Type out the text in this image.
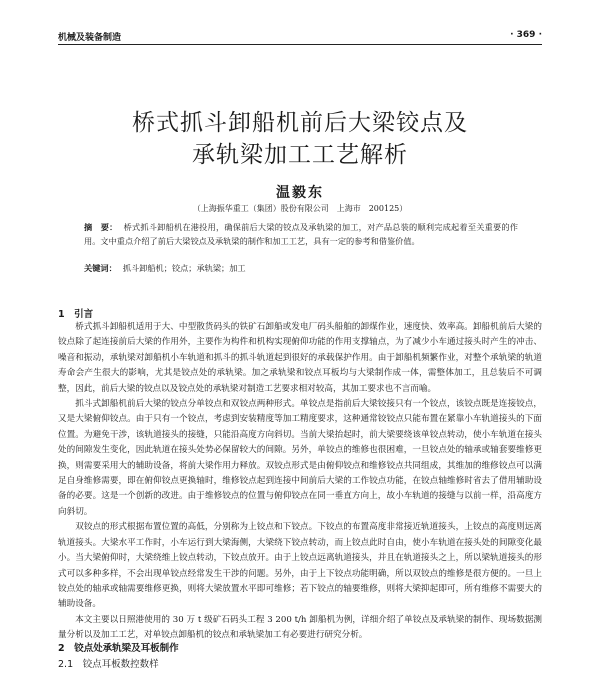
机械及装备制造	· 369 ·
桥式抓斗卸船机前后大梁铰点及
承轨梁加工工艺解析
温毅东
（上海振华重工（集团）股份有限公司　上海市　200125）
摘　要： 桥式抓斗卸船机在港投用，确保前后大梁的铰点及承轨梁的加工，对产品总装的顺利完成起着至关重要的作用。文中重点介绍了前后大梁铰点及承轨梁的制作和加工工艺，具有一定的参考和借鉴价值。
关键词： 抓斗卸船机；铰点；承轨梁；加工
1　引言

桥式抓斗卸船机适用于大、中型散货码头的铁矿石卸船或发电厂码头船舶的卸煤作业，速度快、效率高。卸船机前后大梁的铰点除了起连接前后大梁的作用外，主要作为构件和机构实现俯仰功能的作用支撑轴点，为了减少小车通过接头时产生的冲击、噪音和振动，承轨梁对卸船机小车轨道和抓斗的抓斗轨道起到很好的承载保护作用。由于卸船机频繁作业，对整个承轨梁的轨道寿命会产生很大的影响，尤其是铰点处的承轨梁。加之承轨梁和铰点耳板均与大梁制作成一体，需整体加工，且总装后不可调整，因此，前后大梁的铰点以及铰点处的承轨梁对制造工艺要求相对较高，其加工要求也不言而喻。

抓斗式卸船机前后大梁的铰点分单铰点和双铰点两种形式。单铰点是指前后大梁铰接只有一个铰点，该铰点既是连接铰点，又是大梁俯仰铰点。由于只有一个铰点，考虑到安装精度等加工精度要求，这种通常铰铰点只能布置在紧靠小车轨道接头的下面位置。为避免干涉，该轨道接头的接缝，只能沿高度方向斜切。当前大梁抬起时，前大梁要绕该单铰点转动，使小车轨道在接头处的间隙发生变化，因此轨道在接头处势必保留较大的间隙。另外，单铰点的维修也很困难，一旦铰点处的轴承或轴套要维修更换，则需要采用大的辅助设备，将前大梁作用力释放。双铰点形式是由俯仰铰点和维修铰点共同组成，其维加的维修铰点可以满足自身维修需要，即在俯仰铰点更换轴时，维修铰点起到连接中间前后大梁的工作铰点功能，在铰点轴维修时省去了借用辅助设备的必要。这是一个创新的改进。由于维修铰点的位置与俯仰铰点在同一垂直方向上，故小车轨道的接缝与以前一样，沿高度方向斜切。

双铰点的形式根据布置位置的高低，分别称为上铰点和下铰点。下铰点的布置高度非常接近轨道接头，上铰点的高度则远离轨道接头。大梁水平工作时，小车运行到大梁海侧，大梁绕下铰点转动，而上铰点此时自由，使小车轨道在接头处的间隙变化最小。当大梁俯仰时，大梁绕维上铰点转动，下铰点放开。由于上铰点远离轨道接头，并且在轨道接头之上，所以梁轨道接头的形式可以多种多样，不会出现单铰点经常发生干涉的问题。另外，由于上下铰点功能明确，所以双铰点的维修是很方便的。一旦上铰点处的轴承或轴需要维修更换，则将大梁放置水平即可维修；若下铰点的轴要维修，则将大梁抑起即可，所有维修不需要大的辅助设备。

本文主要以日照港使用的 30 万 t 级矿石码头工程 3 200 t/h 卸船机为例，详细介绍了单铰点及承轨梁的制作、现场数据测量分析以及加工工艺，对单铰点卸船机的铰点和承轨梁加工有必要进行研究分析。

2　铰点处承轨梁及耳板制作
2.1　铰点耳板数控数样
